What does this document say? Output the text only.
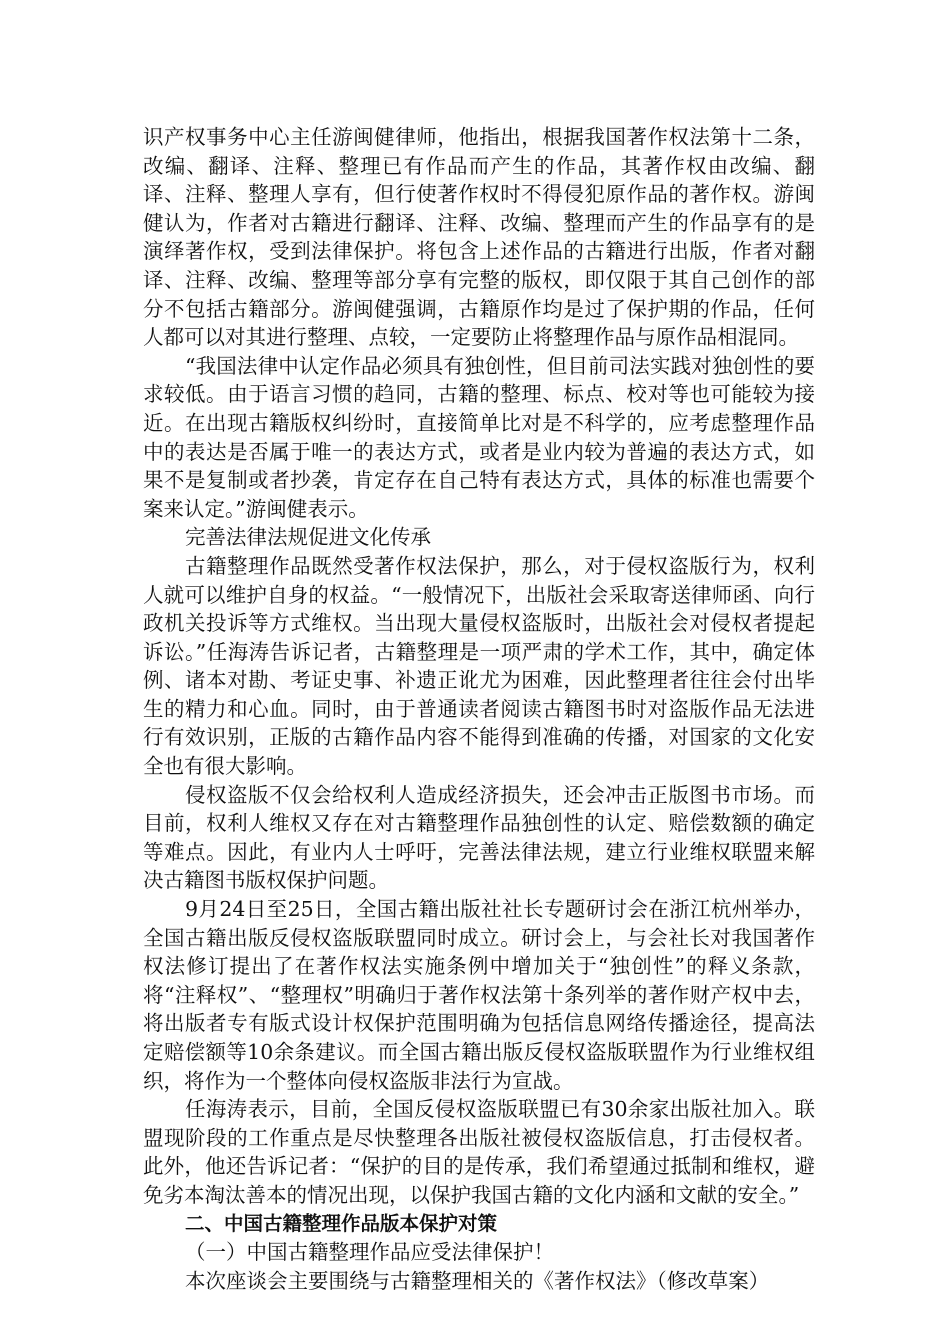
识产权事务中心主任游闽健律师，他指出，根据我国著作权法第十二条，改编、翻译、注释、整理已有作品而产生的作品，其著作权由改编、翻译、注释、整理人享有，但行使著作权时不得侵犯原作品的著作权。游闽健认为，作者对古籍进行翻译、注释、改编、整理而产生的作品享有的是演绎著作权，受到法律保护。将包含上述作品的古籍进行出版，作者对翻译、注释、改编、整理等部分享有完整的版权，即仅限于其自己创作的部分不包括古籍部分。游闽健强调，古籍原作均是过了保护期的作品，任何人都可以对其进行整理、点较，一定要防止将整理作品与原作品相混同。

“我国法律中认定作品必须具有独创性，但目前司法实践对独创性的要求较低。由于语言习惯的趋同，古籍的整理、标点、校对等也可能较为接近。在出现古籍版权纠纷时，直接简单比对是不科学的，应考虑整理作品中的表达是否属于唯一的表达方式，或者是业内较为普遍的表达方式，如果不是复制或者抄袭，肯定存在自己特有表达方式，具体的标准也需要个案来认定。”游闽健表示。

完善法律法规促进文化传承

古籍整理作品既然受著作权法保护，那么，对于侵权盗版行为，权利人就可以维护自身的权益。“一般情况下，出版社会采取寄送律师函、向行政机关投诉等方式维权。当出现大量侵权盗版时，出版社会对侵权者提起诉讼。”任海涛告诉记者，古籍整理是一项严肃的学术工作，其中，确定体例、诸本对勘、考证史事、补遗正讹尤为困难，因此整理者往往会付出毕生的精力和心血。同时，由于普通读者阅读古籍图书时对盗版作品无法进行有效识别，正版的古籍作品内容不能得到准确的传播，对国家的文化安全也有很大影响。

侵权盗版不仅会给权利人造成经济损失，还会冲击正版图书市场。而目前，权利人维权又存在对古籍整理作品独创性的认定、赔偿数额的确定等难点。因此，有业内人士呼吁，完善法律法规，建立行业维权联盟来解决古籍图书版权保护问题。

9月24日至25日，全国古籍出版社社长专题研讨会在浙江杭州举办，全国古籍出版反侵权盗版联盟同时成立。研讨会上，与会社长对我国著作权法修订提出了在著作权法实施条例中增加关于“独创性”的释义条款，将“注释权”、“整理权”明确归于著作权法第十条列举的著作财产权中去，将出版者专有版式设计权保护范围明确为包括信息网络传播途径，提高法定赔偿额等10余条建议。而全国古籍出版反侵权盗版联盟作为行业维权组织，将作为一个整体向侵权盗版非法行为宣战。

任海涛表示，目前，全国反侵权盗版联盟已有30余家出版社加入。联盟现阶段的工作重点是尽快整理各出版社被侵权盗版信息，打击侵权者。此外，他还告诉记者：“保护的目的是传承，我们希望通过抵制和维权，避免劣本淘汰善本的情况出现，以保护我国古籍的文化内涵和文献的安全。”

二、中国古籍整理作品版本保护对策

（一）中国古籍整理作品应受法律保护！

本次座谈会主要围绕与古籍整理相关的《著作权法》（修改草案）
